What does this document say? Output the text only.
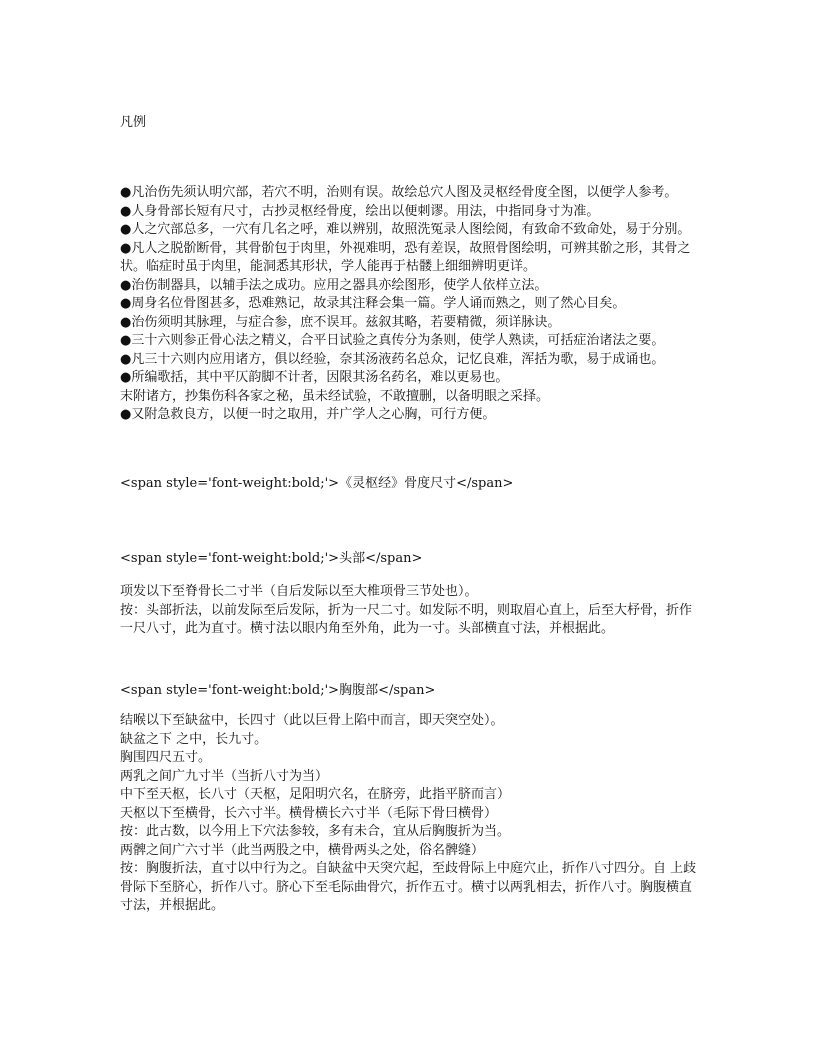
凡例
●凡治伤先须认明穴部，若穴不明，治则有误。故绘总穴人图及灵枢经骨度全图，以便学人参考。
●人身骨部长短有尺寸，古抄灵枢经骨度，绘出以便刺谬。用法，中指同身寸为准。
●人之穴部总多，一穴有几名之呼，难以辨别，故照洗冤录人图绘阅，有致命不致命处，易于分别。
●凡人之脱骱断骨，其骨骱包于肉里，外视难明，恐有差误，故照骨图绘明，可辨其骱之形，其骨之状。临症时虽于肉里，能洞悉其形状，学人能再于枯髅上细细辨明更详。
●治伤制器具，以辅手法之成功。应用之器具亦绘图形，使学人依样立法。
●周身名位骨图甚多，恐难熟记，故录其注释会集一篇。学人诵而熟之，则了然心目矣。
●治伤须明其脉理，与症合参，庶不误耳。兹叙其略，若要精微，须详脉诀。
●三十六则参正骨心法之精义，合平日试验之真传分为条则，使学人熟读，可括症治诸法之要。
●凡三十六则内应用诸方，俱以经验，奈其汤液药名总众，记忆良难，浑括为歌，易于成诵也。
●所编歌括，其中平仄韵脚不计者，因限其汤名药名，难以更易也。
末附诸方，抄集伤科各家之秘，虽未经试验，不敢擅删，以备明眼之采择。
●又附急救良方，以便一时之取用，并广学人之心胸，可行方便。
<span style='font-weight:bold;'>《灵枢经》骨度尺寸</span>
<span style='font-weight:bold;'>头部</span>
项发以下至脊骨长二寸半（自后发际以至大椎项骨三节处也）。
按：头部折法，以前发际至后发际，折为一尺二寸。如发际不明，则取眉心直上，后至大杼骨，折作一尺八寸，此为直寸。横寸法以眼内角至外角，此为一寸。头部横直寸法，并根据此。
<span style='font-weight:bold;'>胸腹部</span>
结喉以下至缺盆中，长四寸（此以巨骨上陷中而言，即天突空处）。
缺盆之下 之中，长九寸。
胸围四尺五寸。
两乳之间广九寸半（当折八寸为当）
中下至天枢，长八寸（天枢，足阳明穴名，在脐旁，此指平脐而言）
天枢以下至横骨，长六寸半。横骨横长六寸半（毛际下骨曰横骨）
按：此古数，以今用上下穴法参较，多有未合，宜从后胸腹折为当。
两髀之间广六寸半（此当两股之中，横骨两头之处，俗名髀缝）
按：胸腹折法，直寸以中行为之。自缺盆中天突穴起，至歧骨际上中庭穴止，折作八寸四分。自 上歧骨际下至脐心，折作八寸。脐心下至毛际曲骨穴，折作五寸。横寸以两乳相去，折作八寸。胸腹横直寸法，并根据此。
